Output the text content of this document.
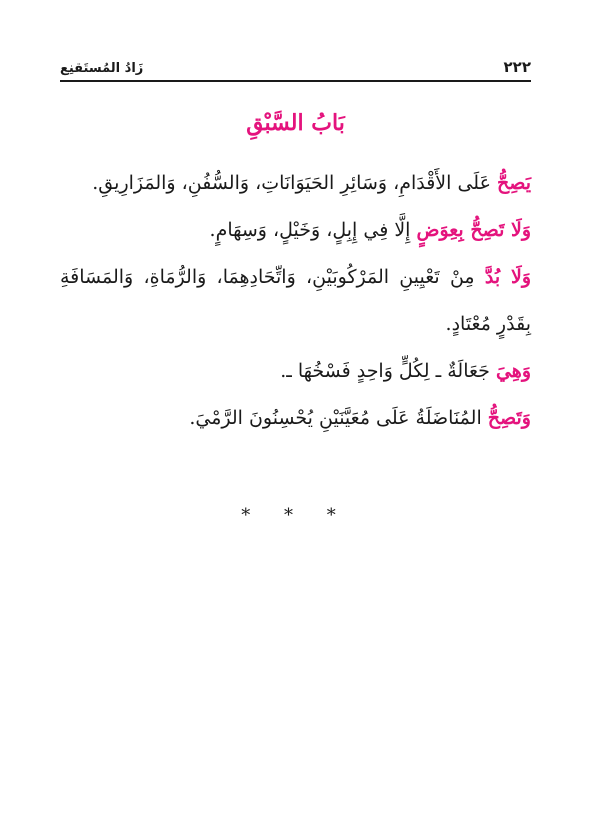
٢٢٢
زَادُ المُستَقنِع
بَابُ السَّبْقِ

يَصِحُّ عَلَى الأَقْدَامِ، وَسَائِرِ الحَيَوَانَاتِ، وَالسُّفُنِ، وَالمَزَارِيقِ.

وَلَا تَصِحُّ بِعِوَضٍ إِلَّا فِي إِبِلٍ، وَخَيْلٍ، وَسِهَامٍ.

وَلَا بُدَّ مِنْ تَعْيِينِ المَرْكُوبَيْنِ، وَاتِّحَادِهِمَا، وَالرُّمَاةِ، وَالمَسَافَةِ بِقَدْرٍ مُعْتَادٍ.

وَهِيَ جَعَالَةٌ ـ لِكُلٍّ وَاحِدٍ فَسْخُهَا ـ.

وَتَصِحُّ المُنَاضَلَةُ عَلَى مُعَيَّنَيْنِ يُحْسِنُونَ الرَّمْيَ.

* * *
